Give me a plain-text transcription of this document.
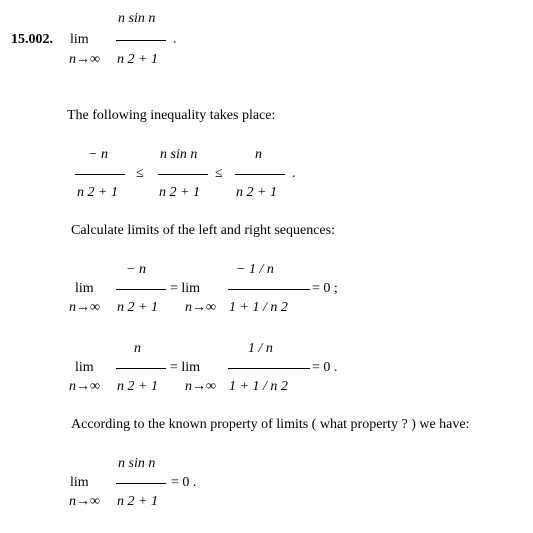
15.002. lim
n→∞
n sin n
n 2 + 1
.
The following inequality takes place:
− n
n 2 + 1
≤
n sin n
n 2 + 1
≤
n
n 2 + 1
.
Calculate limits of the left and right sequences:
− n
lim
n→∞ n 2 + 1
= lim
n→∞
− 1 / n
1 + 1 / n 2
= 0 ;
n
lim
n→∞ n 2 + 1
= lim
n→∞
1 / n
1 + 1 / n 2
= 0 .
According to the known property of limits ( what property ? ) we have:
n sin n
lim
n→∞ n 2 + 1
= 0 .
